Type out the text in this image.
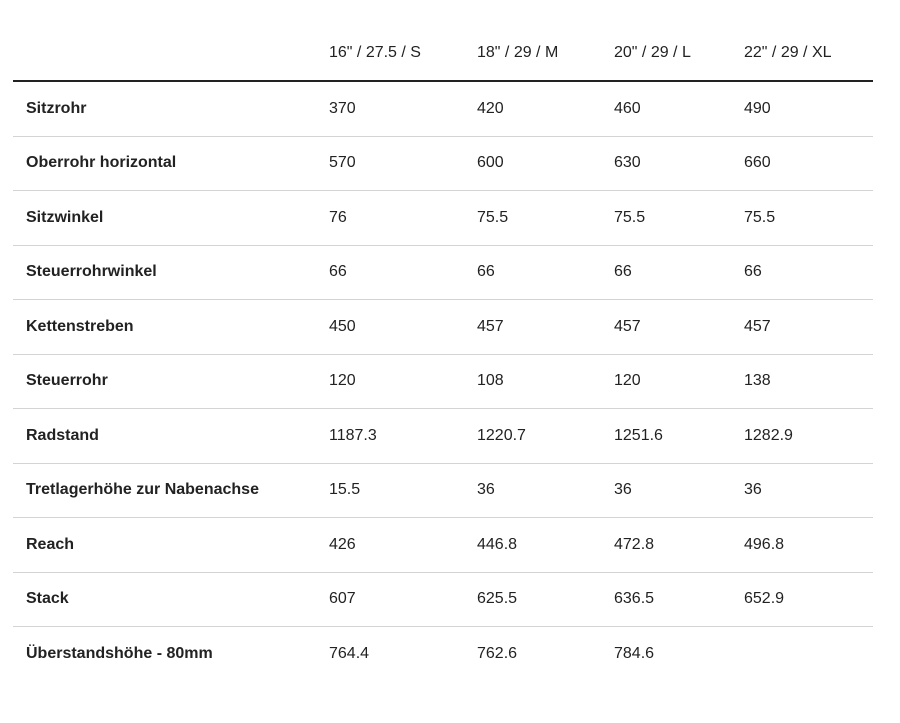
	16" / 27.5 / S	18" / 29 / M	20" / 29 / L	22" / 29 / XL
Sitzrohr	370	420	460	490
Oberrohr horizontal	570	600	630	660
Sitzwinkel	76	75.5	75.5	75.5
Steuerrohrwinkel	66	66	66	66
Kettenstreben	450	457	457	457
Steuerrohr	120	108	120	138
Radstand	1187.3	1220.7	1251.6	1282.9
Tretlagerhöhe zur Nabenachse	15.5	36	36	36
Reach	426	446.8	472.8	496.8
Stack	607	625.5	636.5	652.9
Überstandshöhe - 80mm	764.4	762.6	784.6	
